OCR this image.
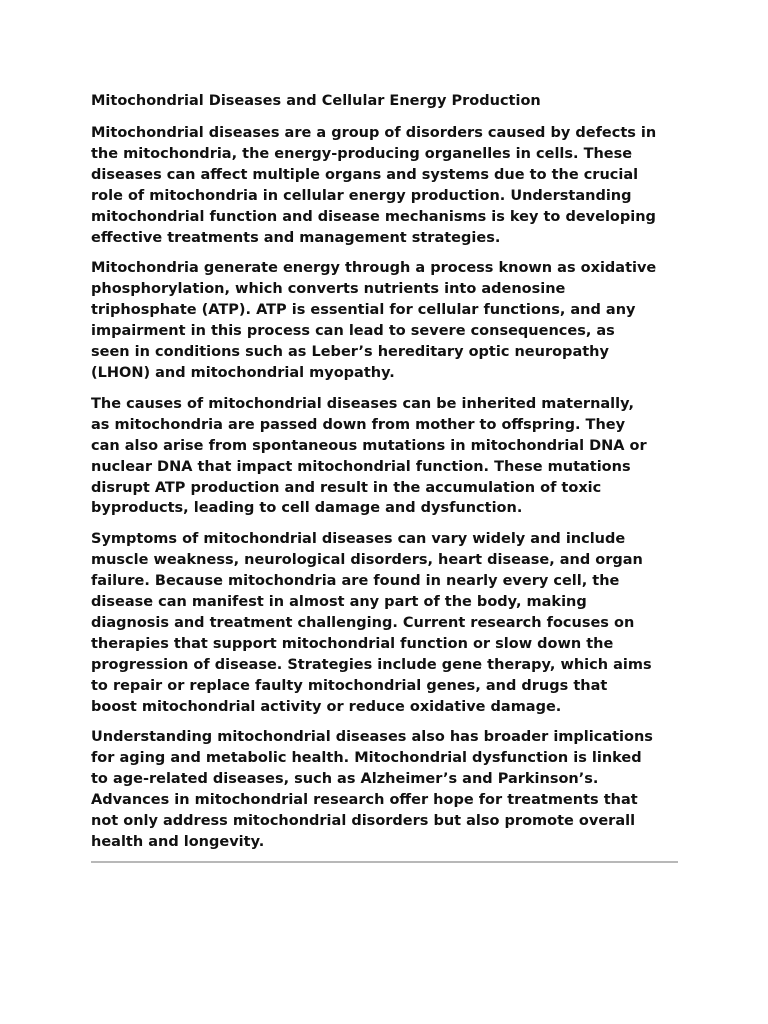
Mitochondrial Diseases and Cellular Energy Production
Mitochondrial diseases are a group of disorders caused by defects in
the mitochondria, the energy-producing organelles in cells. These
diseases can affect multiple organs and systems due to the crucial
role of mitochondria in cellular energy production. Understanding
mitochondrial function and disease mechanisms is key to developing
effective treatments and management strategies.
Mitochondria generate energy through a process known as oxidative
phosphorylation, which converts nutrients into adenosine
triphosphate (ATP). ATP is essential for cellular functions, and any
impairment in this process can lead to severe consequences, as
seen in conditions such as Leber’s hereditary optic neuropathy
(LHON) and mitochondrial myopathy.
The causes of mitochondrial diseases can be inherited maternally,
as mitochondria are passed down from mother to offspring. They
can also arise from spontaneous mutations in mitochondrial DNA or
nuclear DNA that impact mitochondrial function. These mutations
disrupt ATP production and result in the accumulation of toxic
byproducts, leading to cell damage and dysfunction.
Symptoms of mitochondrial diseases can vary widely and include
muscle weakness, neurological disorders, heart disease, and organ
failure. Because mitochondria are found in nearly every cell, the
disease can manifest in almost any part of the body, making
diagnosis and treatment challenging. Current research focuses on
therapies that support mitochondrial function or slow down the
progression of disease. Strategies include gene therapy, which aims
to repair or replace faulty mitochondrial genes, and drugs that
boost mitochondrial activity or reduce oxidative damage.
Understanding mitochondrial diseases also has broader implications
for aging and metabolic health. Mitochondrial dysfunction is linked
to age-related diseases, such as Alzheimer’s and Parkinson’s.
Advances in mitochondrial research offer hope for treatments that
not only address mitochondrial disorders but also promote overall
health and longevity.
